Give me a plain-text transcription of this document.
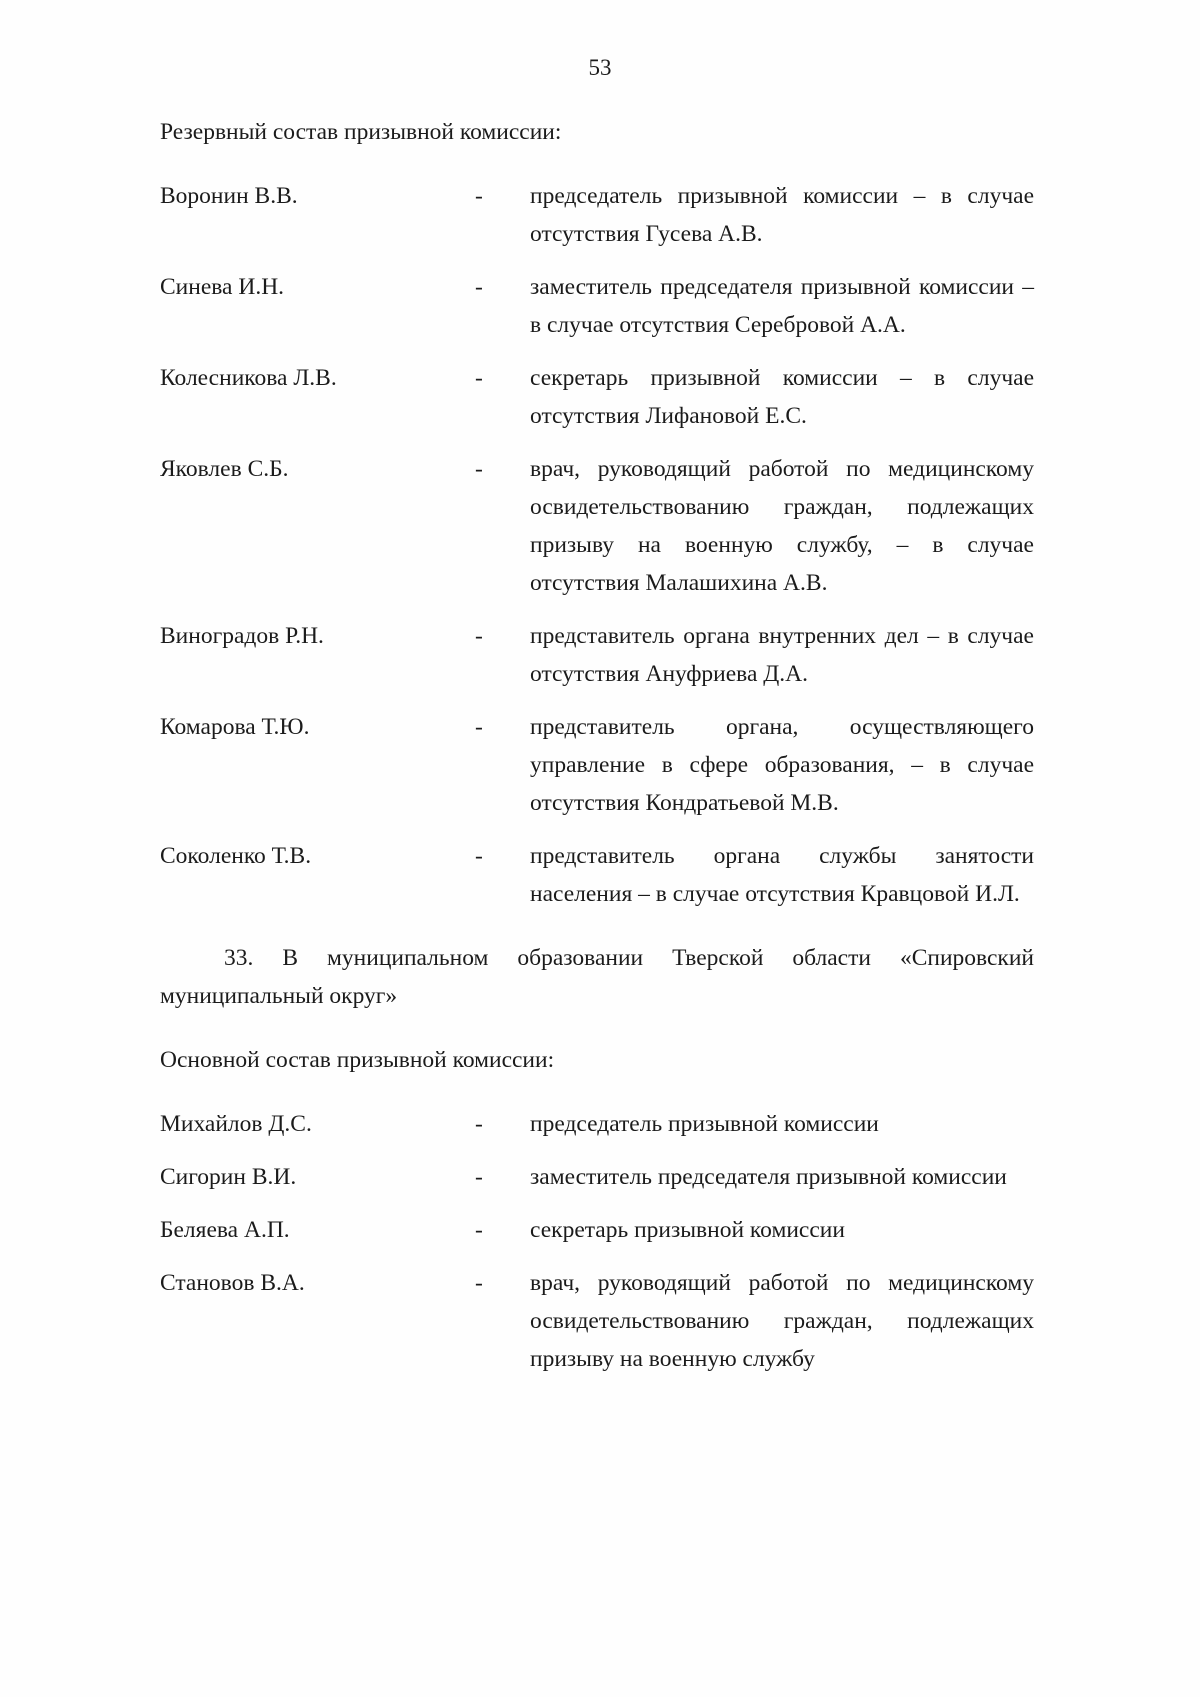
53

Резервный состав призывной комиссии:

Воронин В.В.	-	председатель призывной комиссии – в случае отсутствия Гусева А.В.
Синева И.Н.	-	заместитель председателя призывной комиссии – в случае отсутствия Серебровой А.А.
Колесникова Л.В.	-	секретарь призывной комиссии – в случае отсутствия Лифановой Е.С.
Яковлев С.Б.	-	врач, руководящий работой по медицинскому освидетельствованию граждан, подлежащих призыву на военную службу, – в случае отсутствия Малашихина А.В.
Виноградов Р.Н.	-	представитель органа внутренних дел – в случае отсутствия Ануфриева Д.А.
Комарова Т.Ю.	-	представитель органа, осуществляющего управление в сфере образования, – в случае отсутствия Кондратьевой М.В.
Соколенко Т.В.	-	представитель органа службы занятости населения – в случае отсутствия Кравцовой И.Л.

33. В муниципальном образовании Тверской области «Спировский муниципальный округ»

Основной состав призывной комиссии:

Михайлов Д.С.	-	председатель призывной комиссии
Сигорин В.И.	-	заместитель председателя призывной комиссии
Беляева А.П.	-	секретарь призывной комиссии
Становов В.А.	-	врач, руководящий работой по медицинскому освидетельствованию граждан, подлежащих призыву на военную службу
